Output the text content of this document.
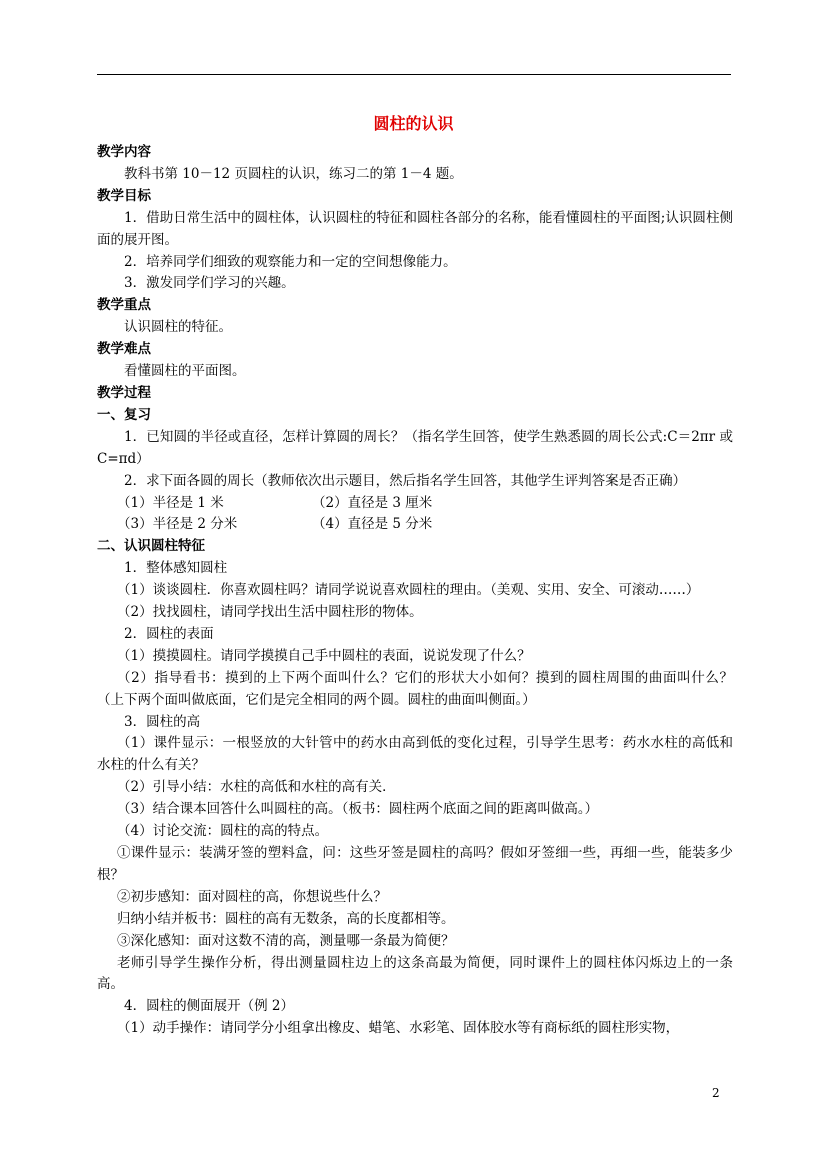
圆柱的认识

教学内容

教科书第 10－12 页圆柱的认识，练习二的第 1－4 题。

教学目标

1．借助日常生活中的圆柱体，认识圆柱的特征和圆柱各部分的名称，能看懂圆柱的平面图;认识圆柱侧面的展开图。

2．培养同学们细致的观察能力和一定的空间想像能力。

3．激发同学们学习的兴趣。

教学重点

认识圆柱的特征。

教学难点

看懂圆柱的平面图。

教学过程

一、复习

1．已知圆的半径或直径，怎样计算圆的周长？（指名学生回答，使学生熟悉圆的周长公式:C＝2πr 或 C=πd）

2．求下面各圆的周长（教师依次出示题目，然后指名学生回答，其他学生评判答案是否正确）

（1）半径是 1 米	（2）直径是 3 厘米

（3）半径是 2 分米	（4）直径是 5 分米

二、认识圆柱特征

1．整体感知圆柱

（1）谈谈圆柱．你喜欢圆柱吗？请同学说说喜欢圆柱的理由。（美观、实用、安全、可滚动……）

（2）找找圆柱，请同学找出生活中圆柱形的物体。

2．圆柱的表面

（1）摸摸圆柱。请同学摸摸自己手中圆柱的表面，说说发现了什么？

（2）指导看书：摸到的上下两个面叫什么？它们的形状大小如何？摸到的圆柱周围的曲面叫什么？（上下两个面叫做底面，它们是完全相同的两个圆。圆柱的曲面叫侧面。）

3．圆柱的高

（1）课件显示：一根竖放的大针管中的药水由高到低的变化过程，引导学生思考：药水水柱的高低和水柱的什么有关？

（2）引导小结：水柱的高低和水柱的高有关．

（3）结合课本回答什么叫圆柱的高。（板书：圆柱两个底面之间的距离叫做高。）

（4）讨论交流：圆柱的高的特点。

①课件显示：装满牙签的塑料盒，问：这些牙签是圆柱的高吗？假如牙签细一些，再细一些，能装多少根？

②初步感知：面对圆柱的高，你想说些什么？

归纳小结并板书：圆柱的高有无数条，高的长度都相等。

③深化感知：面对这数不清的高，测量哪一条最为简便？

老师引导学生操作分析，得出测量圆柱边上的这条高最为简便，同时课件上的圆柱体闪烁边上的一条高。

4．圆柱的侧面展开（例 2）

（1）动手操作：请同学分小组拿出橡皮、蜡笔、水彩笔、固体胶水等有商标纸的圆柱形实物，

2
